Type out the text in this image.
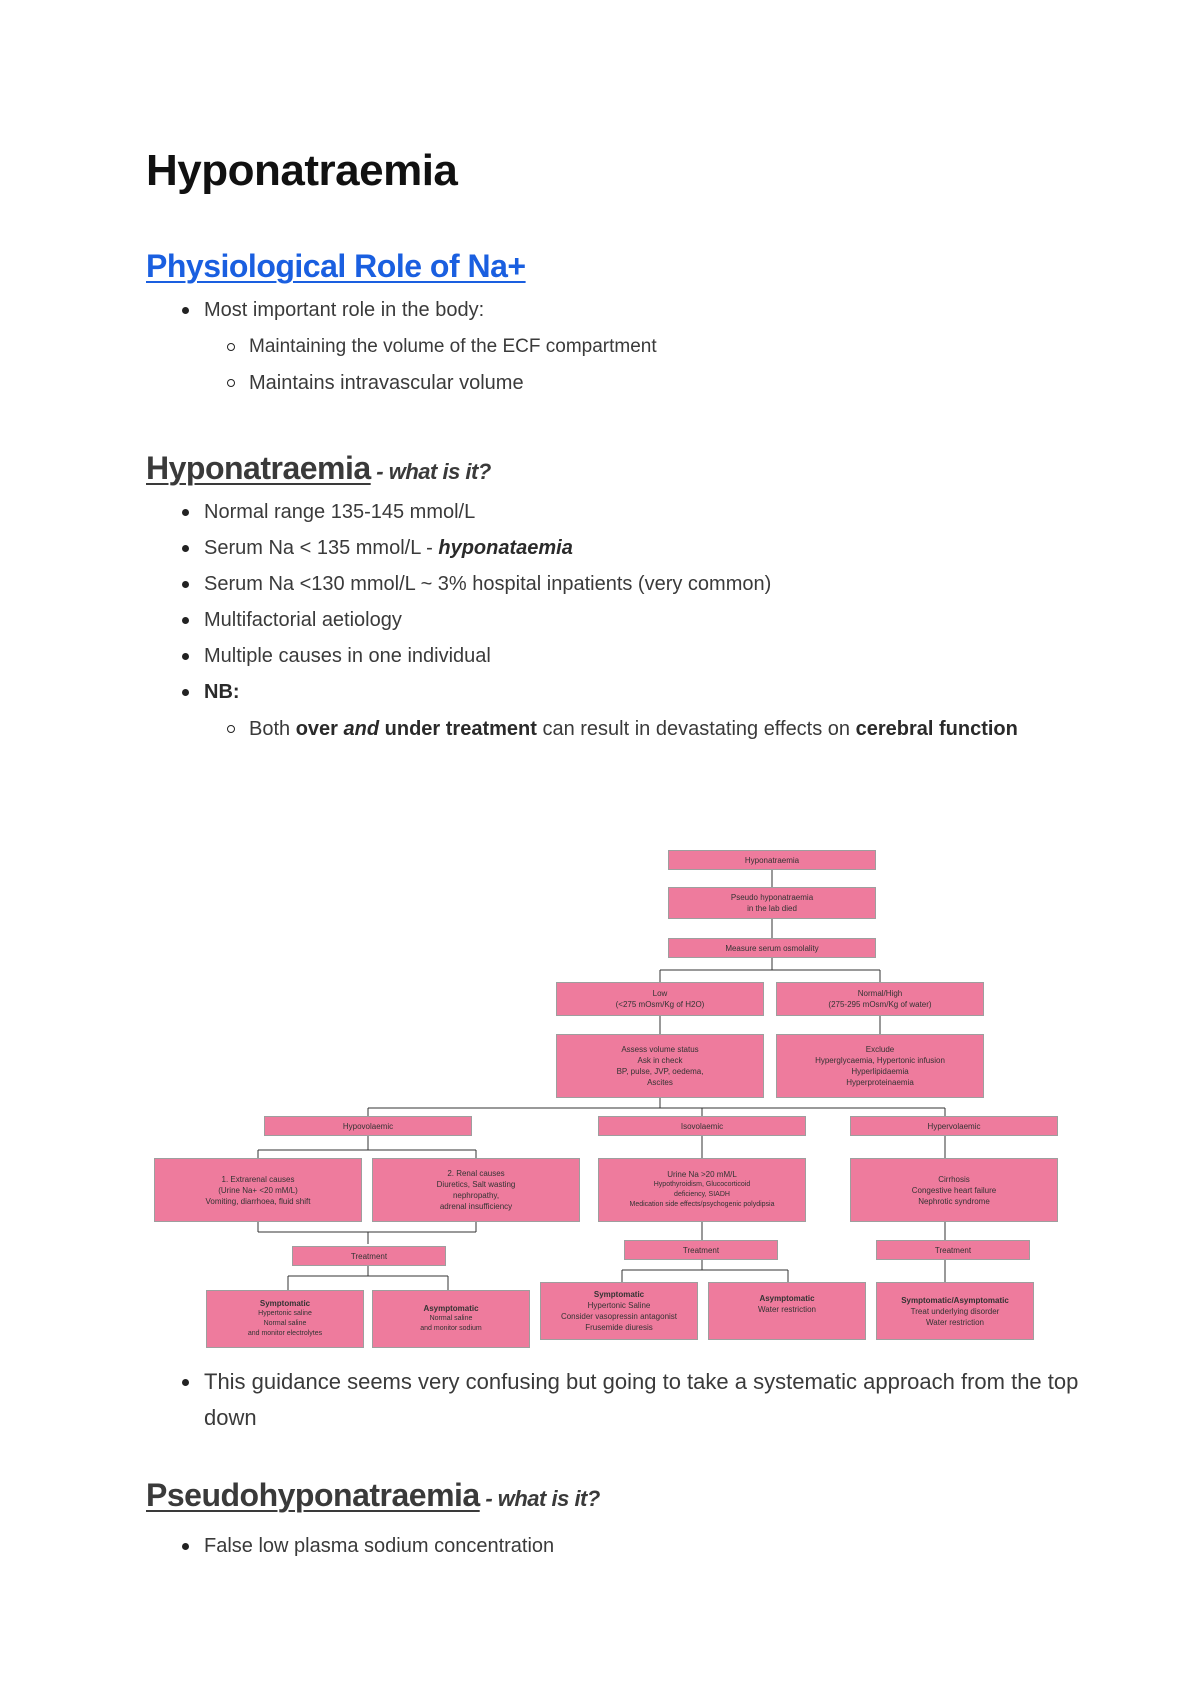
Hyponatraemia
Physiological Role of Na+
Most important role in the body:
Maintaining the volume of the ECF compartment
Maintains intravascular volume
Hyponatraemia - what is it?
Normal range 135-145 mmol/L
Serum Na < 135 mmol/L - hyponataemia
Serum Na <130 mmol/L ~ 3% hospital inpatients (very common)
Multifactorial aetiology
Multiple causes in one individual
NB:
Both over and under treatment can result in devastating effects on cerebral function
Hyponatraemia
Pseudo hyponatraemia
in the lab died
Measure serum osmolality
Low
(<275 mOsm/Kg of H2O)
Normal/High
(275-295 mOsm/Kg of water)
Assess volume status
Ask in check
BP, pulse, JVP, oedema,
Ascites
Exclude
Hyperglycaemia, Hypertonic infusion
Hyperlipidaemia
Hyperproteinaemia
Hypovolaemic	Isovolaemic	Hypervolaemic
1. Extrarenal causes
(Urine Na+ <20 mM/L)
Vomiting, diarrhoea, fluid shift
2. Renal causes
Diuretics, Salt wasting
nephropathy,
adrenal insufficiency
Urine Na >20 mM/L
Hypothyroidism, Glucocorticoid
deficiency, SIADH
Medication side effects/psychogenic polydipsia
Cirrhosis
Congestive heart failure
Nephrotic syndrome
Treatment
Treatment	Treatment
Symptomatic
Hypertonic saline
Normal saline
and monitor electrolytes
Asymptomatic
Normal saline
and monitor sodium
Symptomatic
Hypertonic Saline
Consider vasopressin antagonist
Frusemide diuresis
Asymptomatic
Water restriction
Symptomatic/Asymptomatic
Treat underlying disorder
Water restriction
This guidance seems very confusing but going to take a systematic approach from the top down
Pseudohyponatraemia - what is it?
False low plasma sodium concentration
